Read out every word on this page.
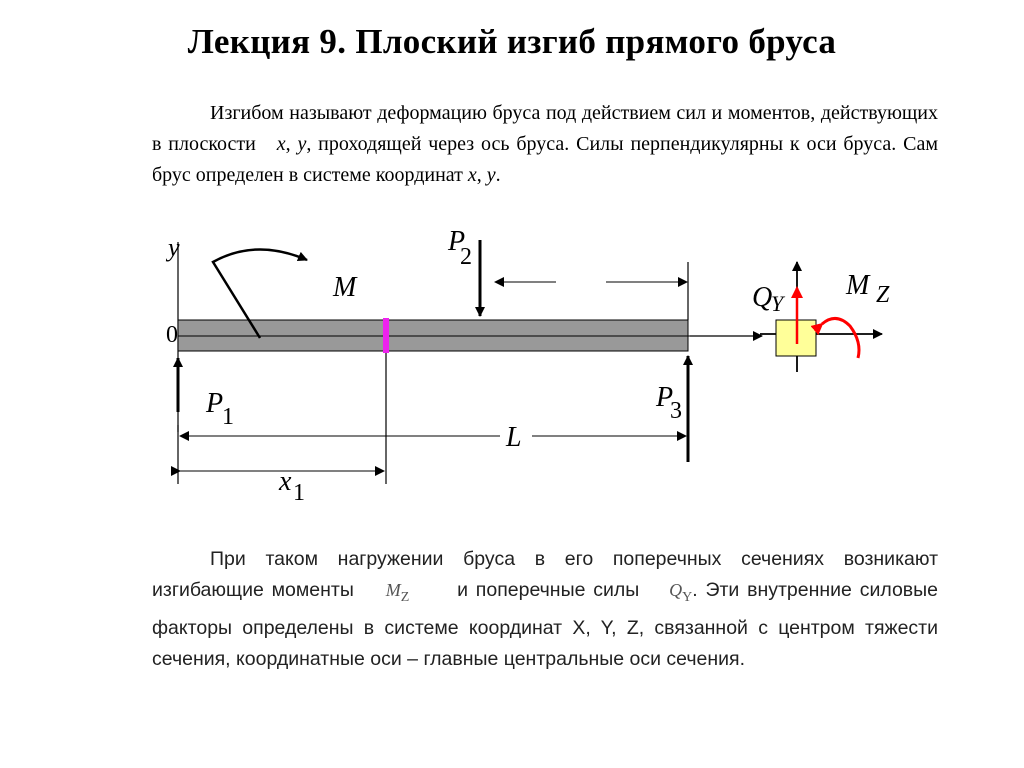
Лекция 9. Плоский изгиб прямого бруса
Изгибом называют деформацию бруса под действием сил и моментов, действующих в плоскости x, y, проходящей через ось бруса. Силы перпендикулярны к оси бруса. Сам брус определен в системе координат x, y.
y
0
M
P
1
P
2
P
3
L
x 1
Q
Y
M Z
При таком нагружении бруса в его поперечных сечениях возникают изгибающие моменты $M_Z$ и поперечные силы $Q_Y$. Эти внутренние силовые факторы определены в системе координат X, Y, Z, связанной с центром тяжести сечения, координатные оси – главные центральные оси сечения.
